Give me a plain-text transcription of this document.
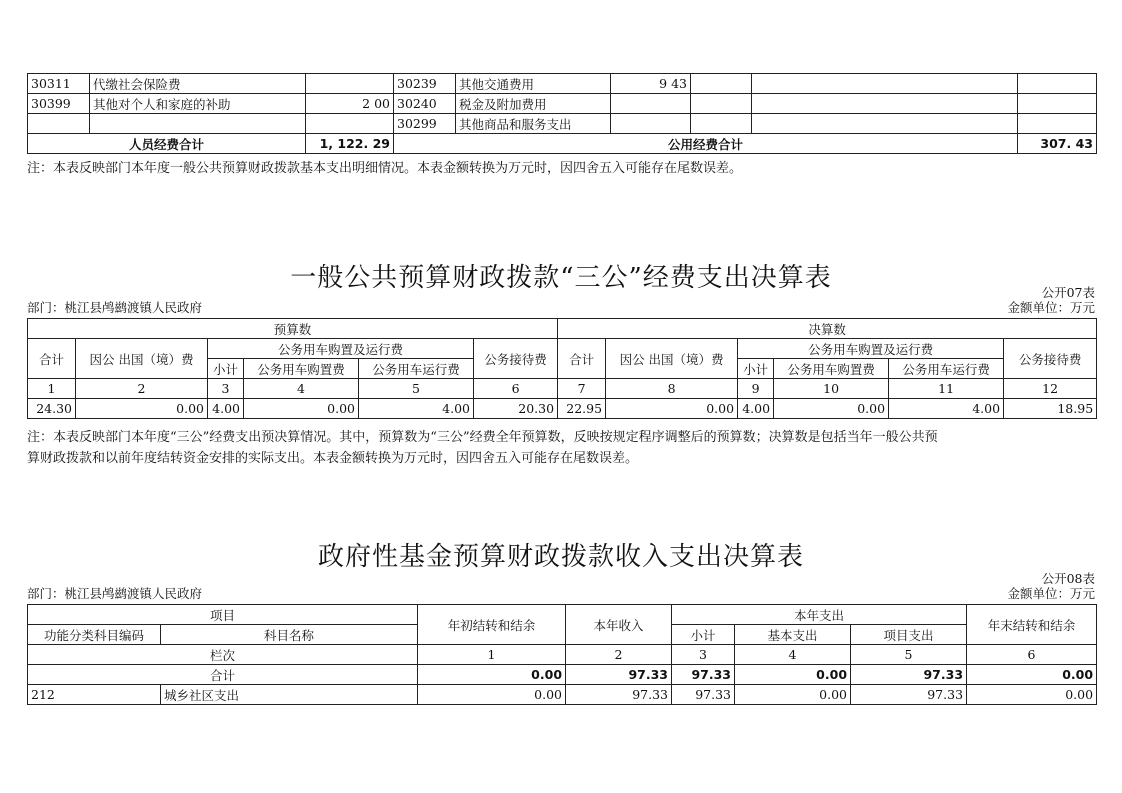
30311	代缴社会保险费		30239	其他交通费用	9 43			
30399	其他对个人和家庭的补助	2 00	30240	税金及附加费用				
			30299	其他商品和服务支出				
人员经费合计		1, 122. 29	公用经费合计					307. 43
注：本表反映部门本年度一般公共预算财政拨款基本支出明细情况。本表金额转换为万元时，因四舍五入可能存在尾数误差。
一般公共预算财政拨款“三公”经费支出决算表	公开07表
部门：桃江县鸬鹚渡镇人民政府	金额单位：万元
预算数						决算数					
合计	因公 出国（境）费	公务用车购置及运行费			公务接待费	合计	因公 出国（境）费	公务用车购置及运行费			公务接待费
		小计	公务用车购置费	公务用车运行费				小计	公务用车购置费	公务用车运行费	
1	2	3	4	5	6	7	8	9	10	11	12
24.30	0.00	4.00	0.00	4.00	20.30	22.95	0.00	4.00	0.00	4.00	18.95
注：本表反映部门本年度“三公”经费支出预决算情况。其中，预算数为“三公”经费全年预算数，反映按规定程序调整后的预算数；决算数是包括当年一般公共预
算财政拨款和以前年度结转资金安排的实际支出。本表金额转换为万元时，因四舍五入可能存在尾数误差。
政府性基金预算财政拨款收入支出决算表
公开08表
部门：桃江县鸬鹚渡镇人民政府	金额单位：万元
项目		年初结转和结余	本年收入	本年支出			年末结转和结余
功能分类科目编码	科目名称			小计	基本支出	项目支出	
栏次		1	2	3	4	5	6
合计		0.00	97.33	97.33	0.00	97.33	0.00
212	城乡社区支出	0.00	97.33	97.33	0.00	97.33	0.00
